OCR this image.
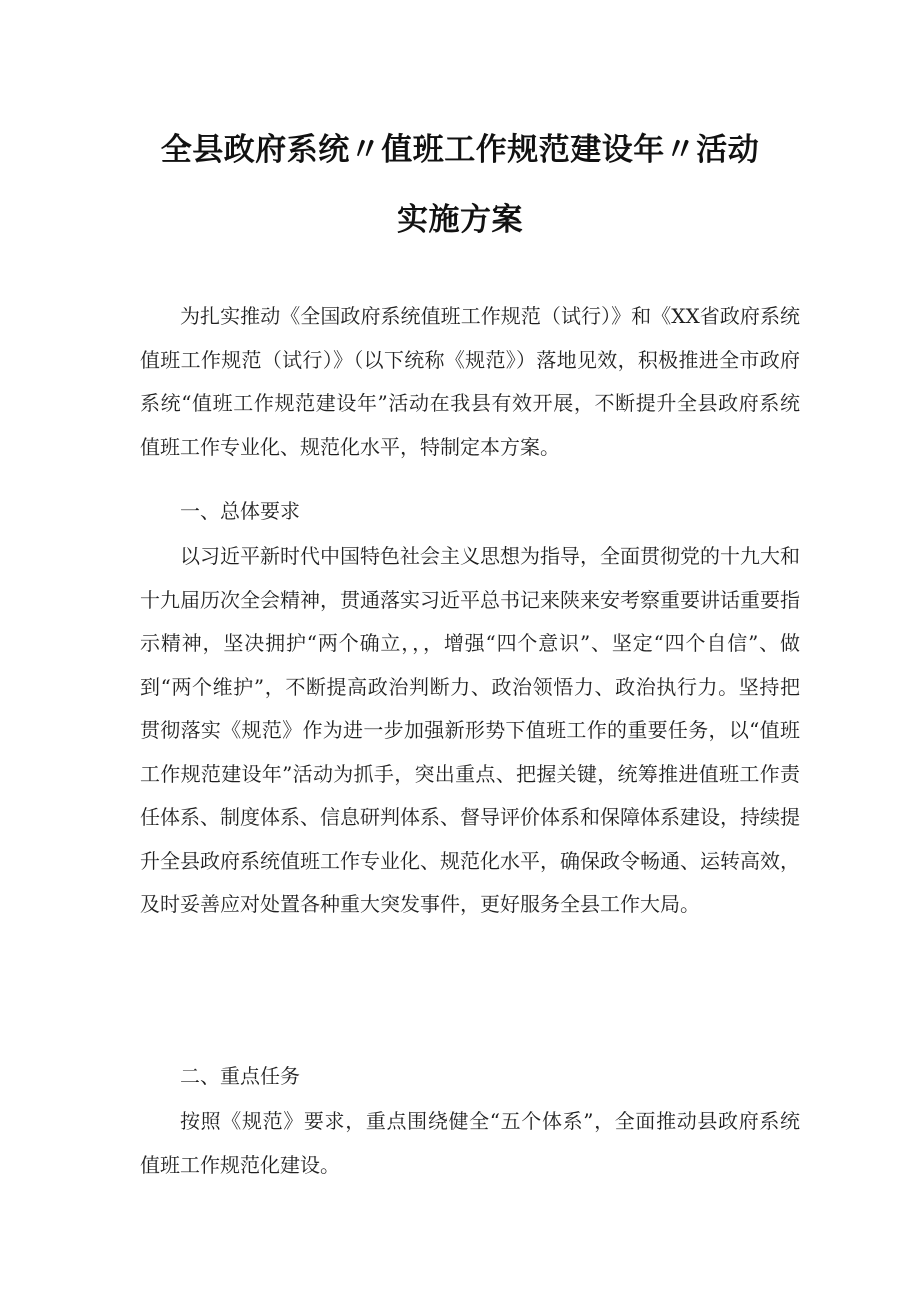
全县政府系统〃值班工作规范建设年〃活动
实施方案

为扎实推动《全国政府系统值班工作规范（试行）》和《XX省政府系统值班工作规范（试行）》（以下统称《规范》）落地见效，积极推进全市政府系统“值班工作规范建设年”活动在我县有效开展，不断提升全县政府系统值班工作专业化、规范化水平，特制定本方案。

一、总体要求

以习近平新时代中国特色社会主义思想为指导，全面贯彻党的十九大和十九届历次全会精神，贯通落实习近平总书记来陕来安考察重要讲话重要指示精神，坚决拥护“两个确立，，，增强“四个意识”、坚定“四个自信”、做到“两个维护”，不断提高政治判断力、政治领悟力、政治执行力。坚持把贯彻落实《规范》作为进一步加强新形势下值班工作的重要任务，以“值班工作规范建设年”活动为抓手，突出重点、把握关键，统筹推进值班工作责任体系、制度体系、信息研判体系、督导评价体系和保障体系建设，持续提升全县政府系统值班工作专业化、规范化水平，确保政令畅通、运转高效，及时妥善应对处置各种重大突发事件，更好服务全县工作大局。

二、重点任务

按照《规范》要求，重点围绕健全“五个体系”，全面推动县政府系统值班工作规范化建设。
